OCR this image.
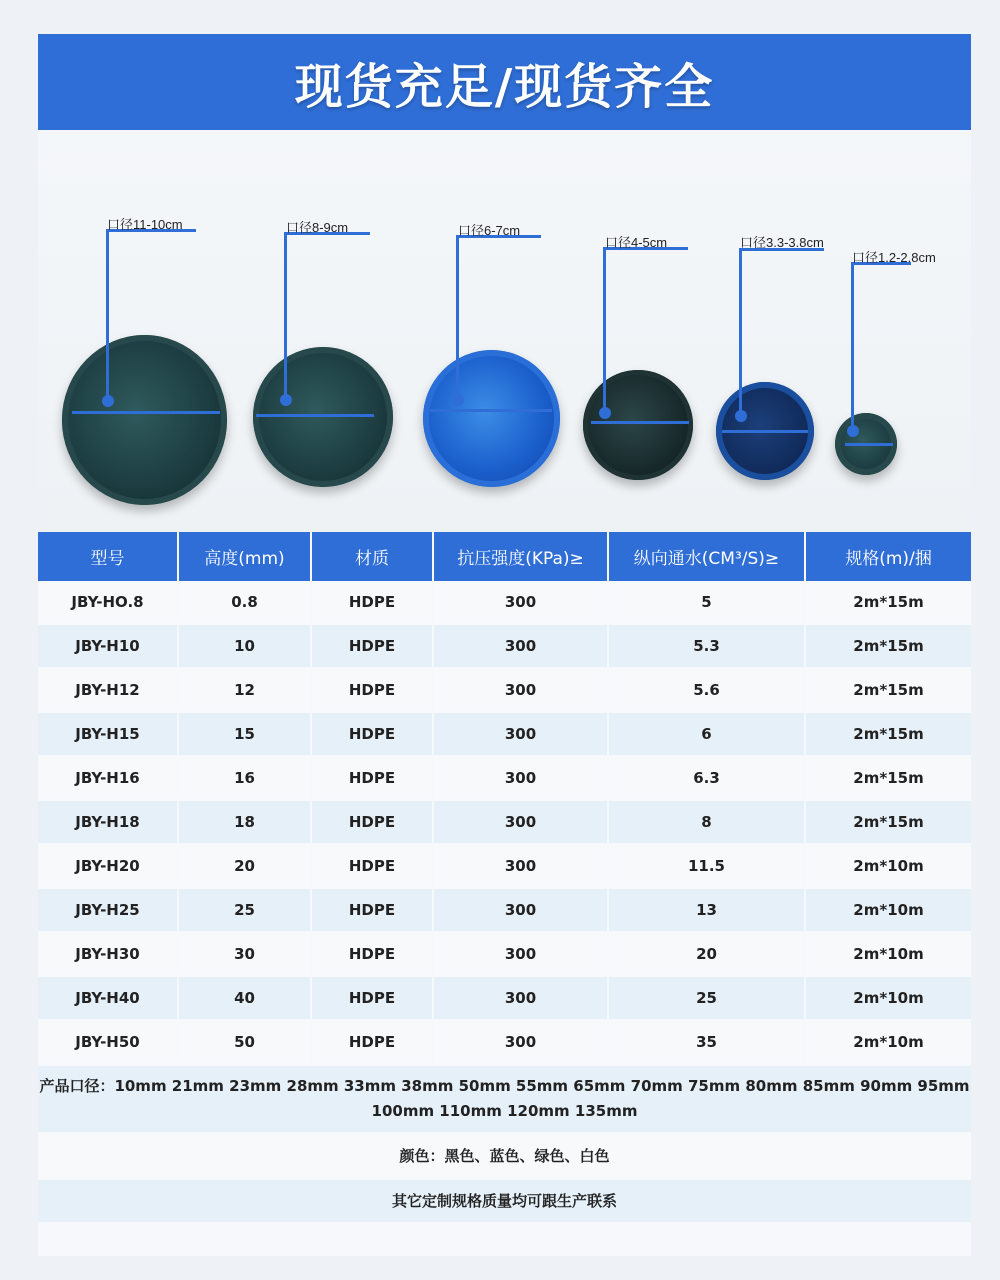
现货充足/现货齐全
口径11-10cm	口径8-9cm	口径6-7cm
口径4-5cm	口径3.3-3.8cm
口径1.2-2.8cm
型号	高度(mm)	材质	抗压强度(KPa)≥	纵向通水(CM³/S)≥	规格(m)/捆
JBY-HO.8	0.8	HDPE	300	5	2m*15m
JBY-H10	10	HDPE	300	5.3	2m*15m
JBY-H12	12	HDPE	300	5.6	2m*15m
JBY-H15	15	HDPE	300	6	2m*15m
JBY-H16	16	HDPE	300	6.3	2m*15m
JBY-H18	18	HDPE	300	8	2m*15m
JBY-H20	20	HDPE	300	11.5	2m*10m
JBY-H25	25	HDPE	300	13	2m*10m
JBY-H30	30	HDPE	300	20	2m*10m
JBY-H40	40	HDPE	300	25	2m*10m
JBY-H50	50	HDPE	300	35	2m*10m
产品口径：10mm 21mm 23mm 28mm 33mm 38mm 50mm 55mm 65mm 70mm 75mm 80mm 85mm 90mm 95mm
100mm 110mm 120mm 135mm
颜色：黑色、蓝色、绿色、白色
其它定制规格质量均可跟生产联系
